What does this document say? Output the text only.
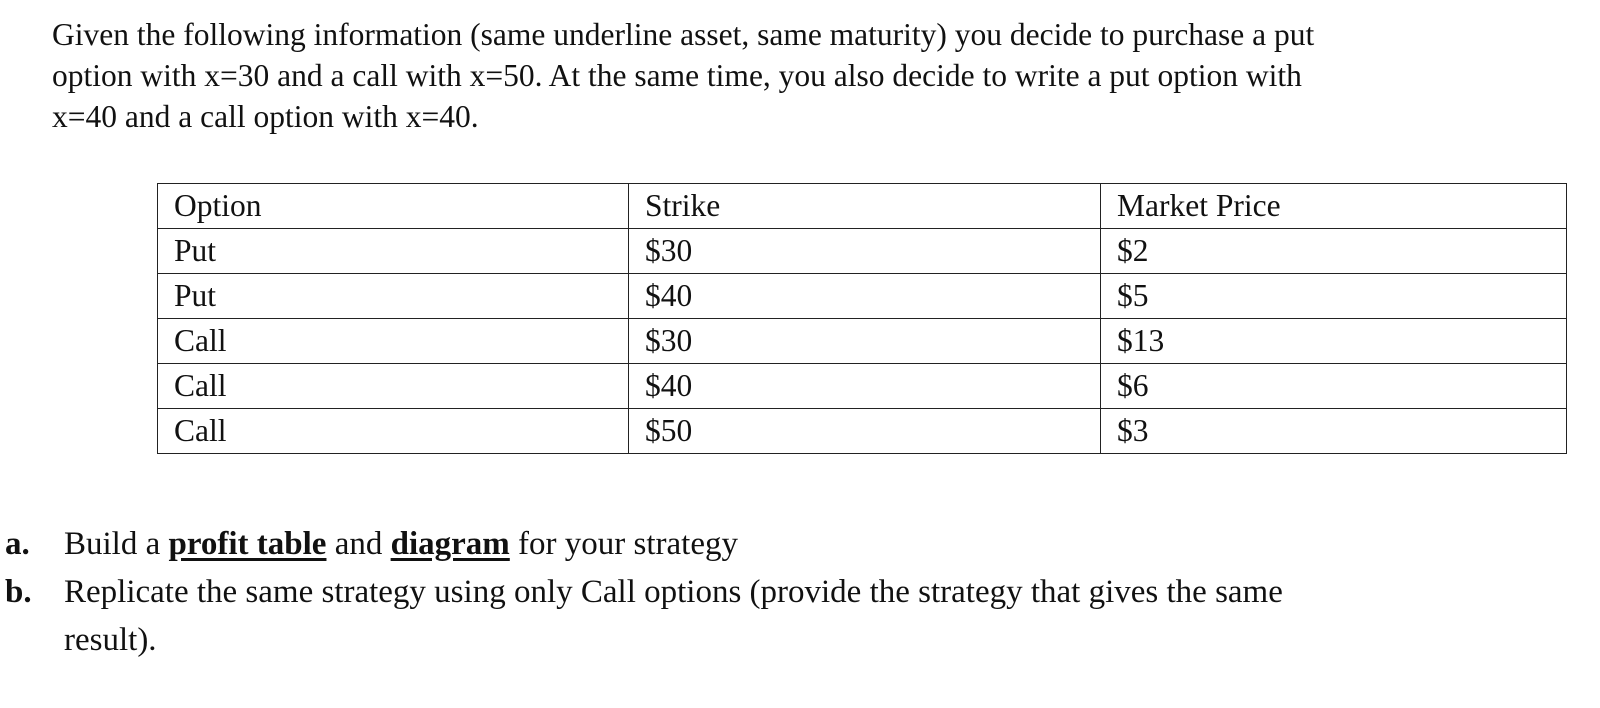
Given the following information (same underline asset, same maturity) you decide to purchase a put
option with x=30 and a call with x=50. At the same time, you also decide to write a put option with
x=40 and a call option with x=40.

Option	Strike	Market Price
Put	$30	$2
Put	$40	$5
Call	$30	$13
Call	$40	$6
Call	$50	$3
a. Build a profit table and diagram for your strategy
b. Replicate the same strategy using only Call options (provide the strategy that gives the same
result).
